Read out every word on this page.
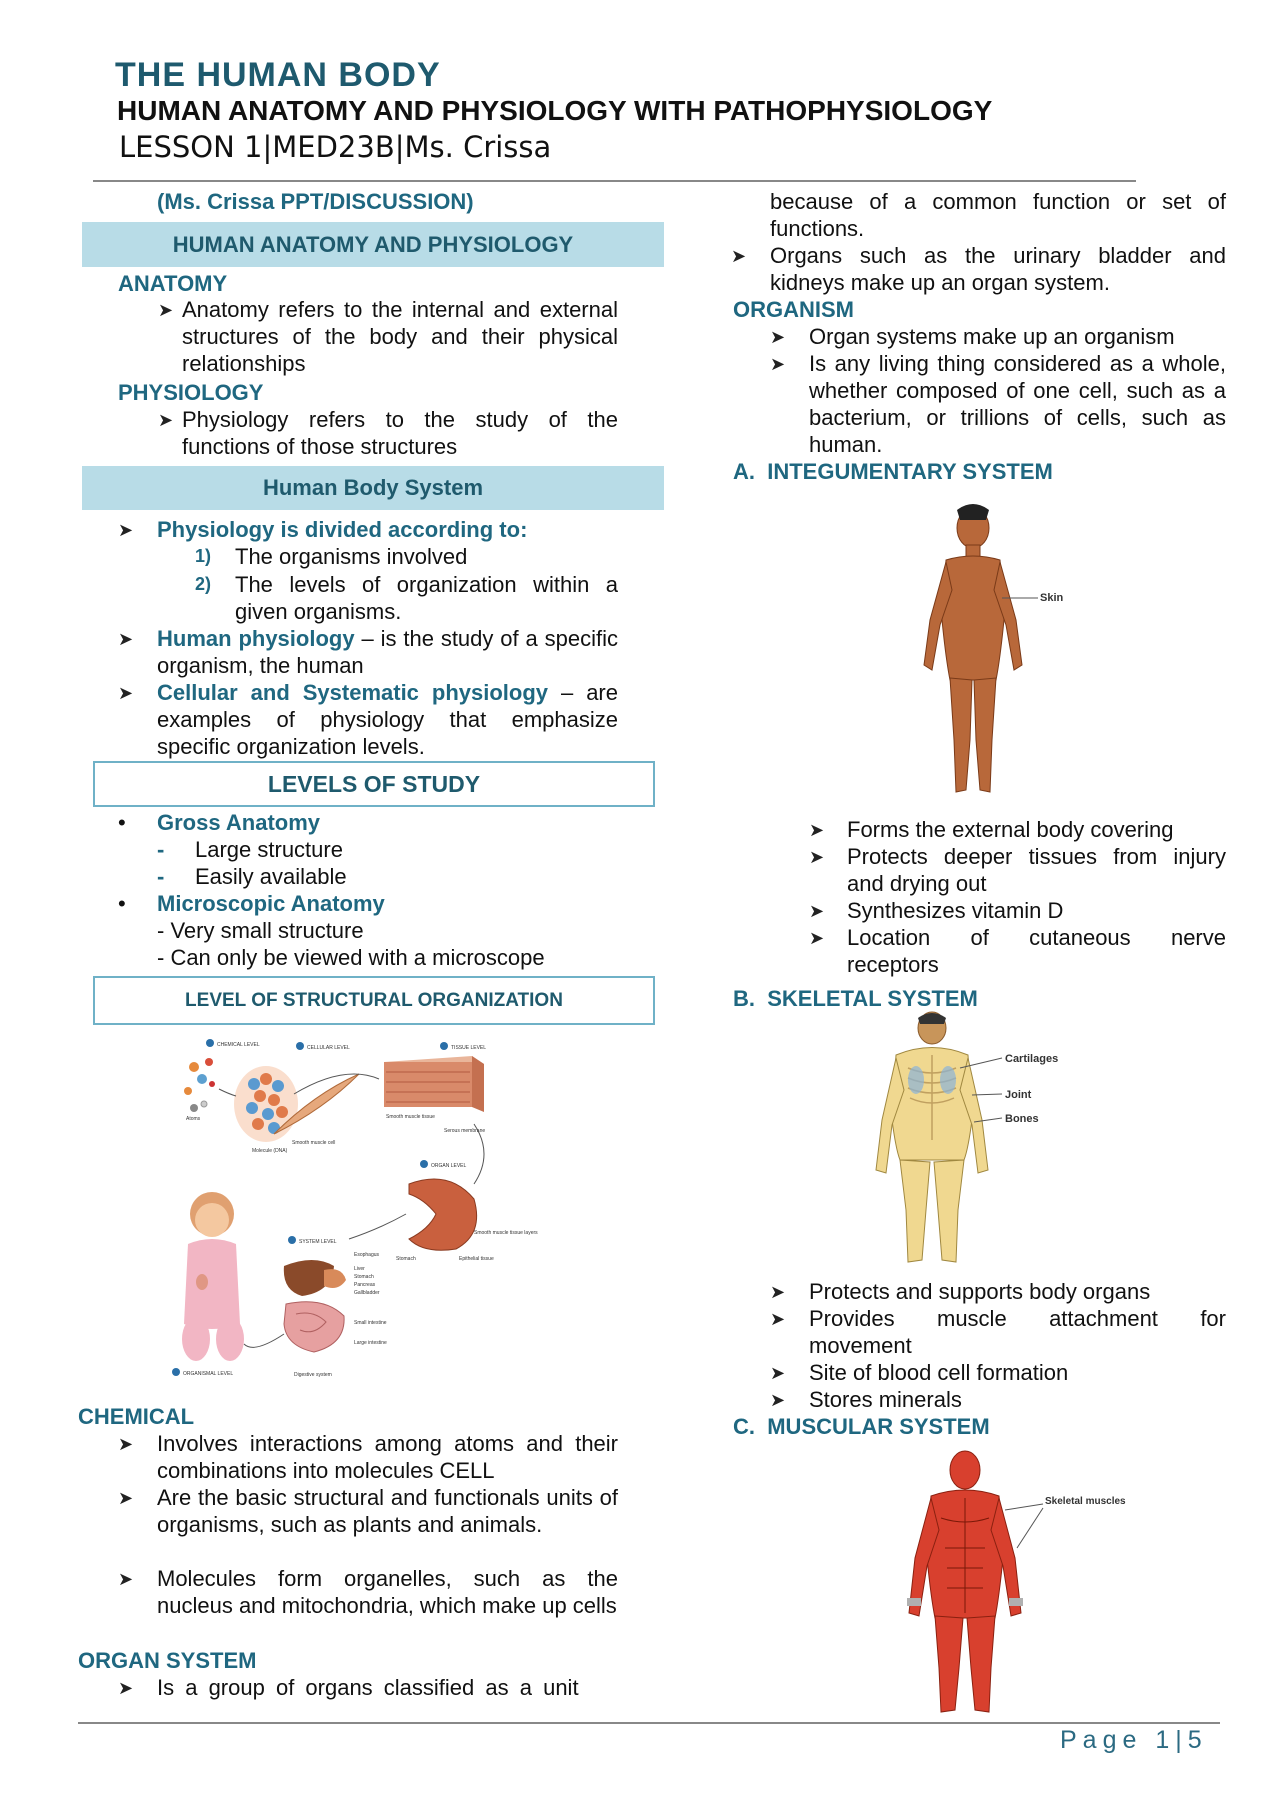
THE HUMAN BODY
HUMAN ANATOMY AND PHYSIOLOGY WITH PATHOPHYSIOLOGY
LESSON 1|MED23B|Ms. Crissa
(Ms. Crissa PPT/DISCUSSION)
HUMAN ANATOMY AND PHYSIOLOGY
ANATOMY
➤ Anatomy refers to the internal and external structures of the body and their physical relationships
PHYSIOLOGY
➤ Physiology refers to the study of the functions of those structures
Human Body System
➤	Physiology is divided according to:
1)	The organisms involved
2)	The levels of organization within a given organisms.
➤	Human physiology – is the study of a specific organism, the human
➤	Cellular and Systematic physiology – are examples of physiology that emphasize specific organization levels.
LEVELS OF STUDY
•	Gross Anatomy
-	Large structure
-	Easily available
•	Microscopic Anatomy
- Very small structure
- Can only be viewed with a microscope
LEVEL OF STRUCTURAL ORGANIZATION
CHEMICAL LEVEL
Atoms
Molecule (DNA)
CELLULAR LEVEL
Smooth muscle cell
TISSUE LEVEL
Smooth muscle tissue
Serous membrane
ORGAN LEVEL
Stomach	Epithelial tissue
Smooth muscle tissue layers
SYSTEM LEVEL
Esophagus
Liver
Stomach
Pancreas
Gallbladder
Small intestine
Large intestine
Digestive system
ORGANISMAL LEVEL
CHEMICAL
➤	Involves interactions among atoms and their combinations into molecules CELL
➤	Are the basic structural and functionals units of organisms, such as plants and animals.
➤	Molecules form organelles, such as the nucleus and mitochondria, which make up cells
ORGAN SYSTEM
➤	Is a group of organs classified as a unit
because of a common function or set of functions.
➤	Organs such as the urinary bladder and kidneys make up an organ system.
ORGANISM
➤	Organ systems make up an organism
➤	Is any living thing considered as a whole, whether composed of one cell, such as a bacterium, or trillions of cells, such as human.
A.  INTEGUMENTARY SYSTEM
Skin
➤	Forms the external body covering
➤	Protects deeper tissues from injury and drying out
➤	Synthesizes vitamin D
➤	Location of cutaneous nerve receptors
B.  SKELETAL SYSTEM
Cartilages
Joint
Bones
➤	Protects and supports body organs
➤	Provides muscle attachment for movement
➤	Site of blood cell formation
➤	Stores minerals
C.  MUSCULAR SYSTEM
Skeletal muscles
Page 1|5
